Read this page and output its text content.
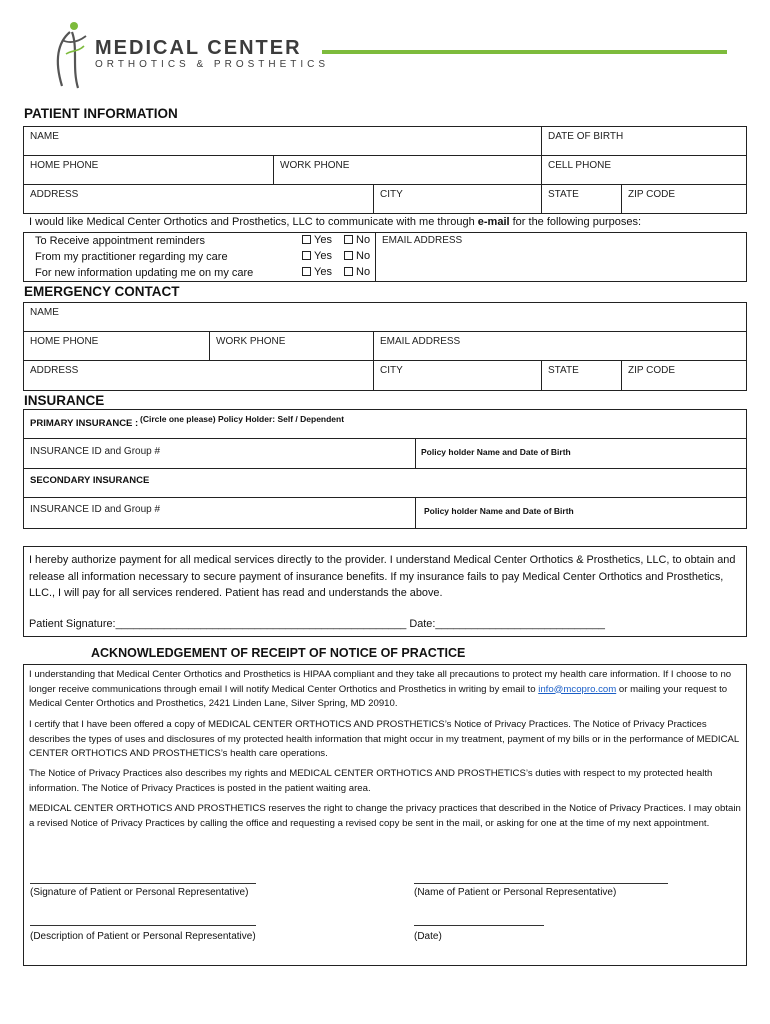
MEDICAL CENTER
ORTHOTICS & PROSTHETICS
PATIENT INFORMATION
NAME	DATE OF BIRTH
HOME PHONE	WORK PHONE	CELL PHONE
ADDRESS	CITY	STATE	ZIP CODE
I would like Medical Center Orthotics and Prosthetics, LLC to communicate with me through e-mail for the following purposes:
EMAIL ADDRESS
To Receive appointment reminders	Yes	No
From my practitioner regarding my care	Yes	No
For new information updating me on my care	Yes	No
EMERGENCY CONTACT
NAME
HOME PHONE	WORK PHONE	EMAIL ADDRESS
ADDRESS	CITY	STATE	ZIP CODE
INSURANCE
PRIMARY INSURANCE : (Circle one please) Policy Holder: Self / Dependent
INSURANCE ID and Group #	Policy holder Name and Date of Birth
SECONDARY INSURANCE
INSURANCE ID and Group #	Policy holder Name and Date of Birth
I hereby authorize payment for all medical services directly to the provider. I understand Medical Center Orthotics & Prosthetics, LLC, to obtain and release all information necessary to secure payment of insurance benefits. If my insurance fails to pay Medical Center Orthotics and Prosthetics, LLC., I will pay for all services rendered. Patient has read and understands the above.
Patient Signature:________________________________________________ Date:____________________________
ACKNOWLEDGEMENT OF RECEIPT OF NOTICE OF PRACTICE
I understanding that Medical Center Orthotics and Prosthetics is HIPAA compliant and they take all precautions to protect my health care information. If I choose to no longer receive communications through email I will notify Medical Center Orthotics and Prosthetics in writing by email to info@mcopro.com or mailing your request to Medical Center Orthotics and Prosthetics, 2421 Linden Lane, Silver Spring, MD 20910.
I certify that I have been offered a copy of MEDICAL CENTER ORTHOTICS AND PROSTHETICS’s Notice of Privacy Practices. The Notice of Privacy Practices describes the types of uses and disclosures of my protected health information that might occur in my treatment, payment of my bills or in the performance of MEDICAL CENTER ORTHOTICS AND PROSTHETICS’s health care operations.
The Notice of Privacy Practices also describes my rights and MEDICAL CENTER ORTHOTICS AND PROSTHETICS’s duties with respect to my protected health information. The Notice of Privacy Practices is posted in the patient waiting area.
MEDICAL CENTER ORTHOTICS AND PROSTHETICS reserves the right to change the privacy practices that described in the Notice of Privacy Practices. I may obtain a revised Notice of Privacy Practices by calling the office and requesting a revised copy be sent in the mail, or asking for one at the time of my next appointment.
(Signature of Patient or Personal Representative)	(Name of Patient or Personal Representative)
(Description of Patient or Personal Representative)	(Date)
